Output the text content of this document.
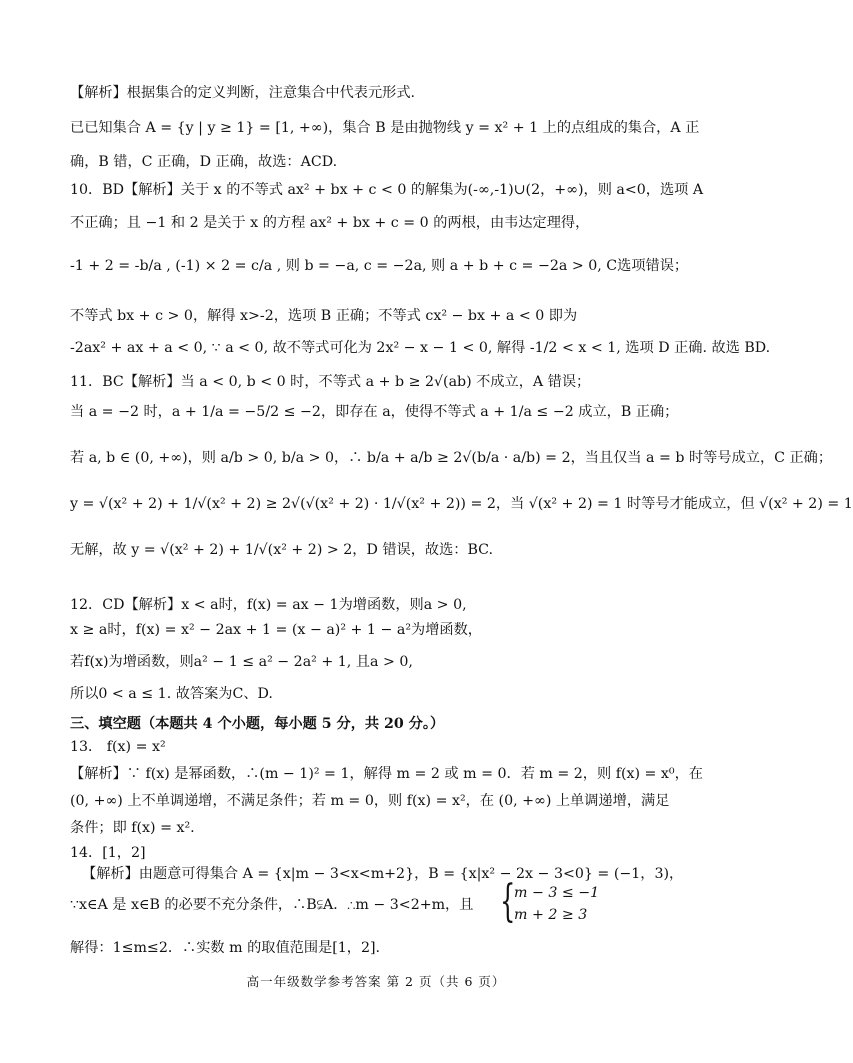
【解析】根据集合的定义判断，注意集合中代表元形式.
已已知集合 A = {y | y ≥ 1} = [1, +∞)，集合 B 是由抛物线 y = x² + 1 上的点组成的集合，A 正
确，B 错，C 正确，D 正确，故选：ACD.
10．BD【解析】关于 x 的不等式 ax² + bx + c < 0 的解集为(-∞,-1)∪(2，+∞)，则 a<0，选项 A
不正确；且 −1 和 2 是关于 x 的方程 ax² + bx + c = 0 的两根，由韦达定理得，
-1 + 2 = -b/a , (-1) × 2 = c/a , 则 b = −a, c = −2a, 则 a + b + c = −2a > 0, C选项错误；
不等式 bx + c > 0，解得 x>-2，选项 B 正确；不等式 cx² − bx + a < 0 即为
-2ax² + ax + a < 0, ∵ a < 0, 故不等式可化为 2x² − x − 1 < 0, 解得 -1/2 < x < 1, 选项 D 正确. 故选 BD.
11．BC【解析】当 a < 0, b < 0 时，不等式 a + b ≥ 2√(ab) 不成立，A 错误；
当 a = −2 时，a + 1/a = −5/2 ≤ −2，即存在 a，使得不等式 a + 1/a ≤ −2 成立，B 正确；
若 a, b ∈ (0, +∞)，则 a/b > 0, b/a > 0，∴ b/a + a/b ≥ 2√(b/a · a/b) = 2，当且仅当 a = b 时等号成立，C 正确；
y = √(x² + 2) + 1/√(x² + 2) ≥ 2√(√(x² + 2) · 1/√(x² + 2)) = 2，当 √(x² + 2) = 1 时等号才能成立，但 √(x² + 2) = 1
无解，故 y = √(x² + 2) + 1/√(x² + 2) > 2，D 错误，故选：BC.
12．CD【解析】x < a时，f(x) = ax − 1为增函数，则a > 0,
x ≥ a时，f(x) = x² − 2ax + 1 = (x − a)² + 1 − a²为增函数，
若f(x)为增函数，则a² − 1 ≤ a² − 2a² + 1, 且a > 0,
所以0 < a ≤ 1. 故答案为C、D.
三、填空题（本题共 4 个小题，每小题 5 分，共 20 分。）
13． f(x) = x²
【解析】∵ f(x) 是幂函数，∴(m − 1)² = 1，解得 m = 2 或 m = 0．若 m = 2，则 f(x) = x⁰，在
(0, +∞) 上不单调递增，不满足条件；若 m = 0，则 f(x) = x²，在 (0, +∞) 上单调递增，满足
条件；即 f(x) = x².
14．[1，2]
【解析】由题意可得集合 A = {x|m − 3<x<m+2}，B = {x|x² − 2x − 3<0} = (−1，3)，
∵x∈A 是 x∈B 的必要不充分条件，∴B⫋A．∴m − 3<2+m，且
解得：1≤m≤2．∴实数 m 的取值范围是[1，2].
{
m − 3 ≤ −1
m + 2 ≥ 3
高一年级数学参考答案 第 2 页（共 6 页）
